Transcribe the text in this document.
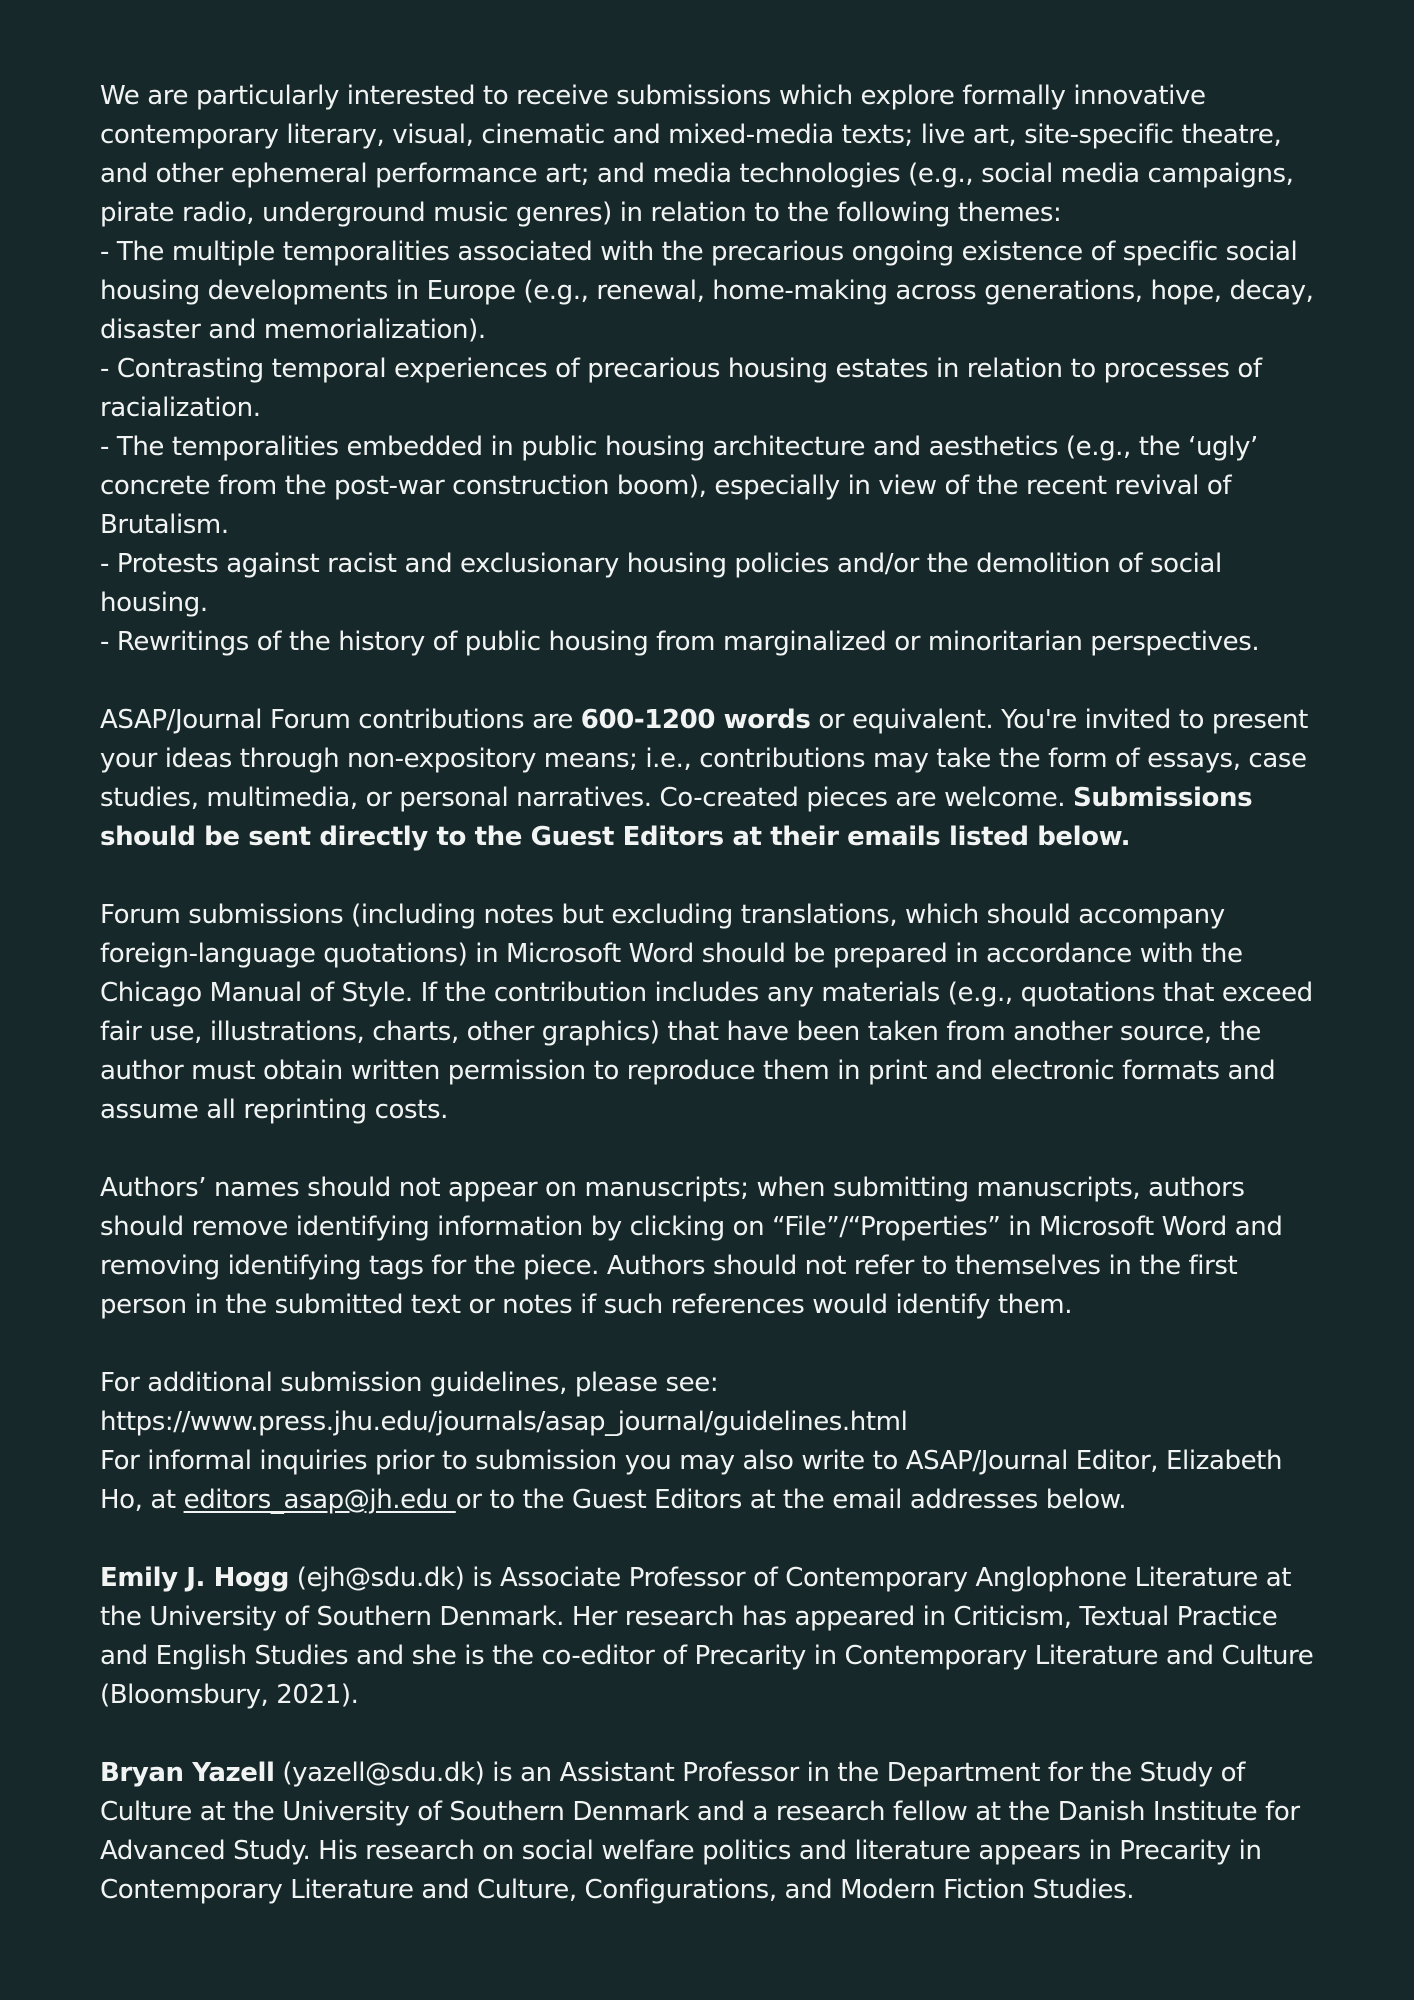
We are particularly interested to receive submissions which explore formally innovative contemporary literary, visual, cinematic and mixed-media texts; live art, site-specific theatre, and other ephemeral performance art; and media technologies (e.g., social media campaigns, pirate radio, underground music genres) in relation to the following themes:

- The multiple temporalities associated with the precarious ongoing existence of specific social housing developments in Europe (e.g., renewal, home-making across generations, hope, decay, disaster and memorialization).

- Contrasting temporal experiences of precarious housing estates in relation to processes of racialization.

- The temporalities embedded in public housing architecture and aesthetics (e.g., the ‘ugly’ concrete from the post-war construction boom), especially in view of the recent revival of Brutalism.

- Protests against racist and exclusionary housing policies and/or the demolition of social housing.

- Rewritings of the history of public housing from marginalized or minoritarian perspectives.

ASAP/Journal Forum contributions are 600-1200 words or equivalent. You're invited to present your ideas through non-expository means; i.e., contributions may take the form of essays, case studies, multimedia, or personal narratives. Co-created pieces are welcome. Submissions should be sent directly to the Guest Editors at their emails listed below.

Forum submissions (including notes but excluding translations, which should accompany foreign-language quotations) in Microsoft Word should be prepared in accordance with the Chicago Manual of Style. If the contribution includes any materials (e.g., quotations that exceed fair use, illustrations, charts, other graphics) that have been taken from another source, the author must obtain written permission to reproduce them in print and electronic formats and assume all reprinting costs.

Authors’ names should not appear on manuscripts; when submitting manuscripts, authors should remove identifying information by clicking on “File”/“Properties” in Microsoft Word and removing identifying tags for the piece. Authors should not refer to themselves in the first person in the submitted text or notes if such references would identify them.

For additional submission guidelines, please see:

https://www.press.jhu.edu/journals/asap_journal/guidelines.html

For informal inquiries prior to submission you may also write to ASAP/Journal Editor, Elizabeth Ho, at editors_asap@jh.edu or to the Guest Editors at the email addresses below.

Emily J. Hogg (ejh@sdu.dk) is Associate Professor of Contemporary Anglophone Literature at the University of Southern Denmark. Her research has appeared in Criticism, Textual Practice and English Studies and she is the co-editor of Precarity in Contemporary Literature and Culture (Bloomsbury, 2021).

Bryan Yazell (yazell@sdu.dk) is an Assistant Professor in the Department for the Study of Culture at the University of Southern Denmark and a research fellow at the Danish Institute for Advanced Study. His research on social welfare politics and literature appears in Precarity in Contemporary Literature and Culture, Configurations, and Modern Fiction Studies.
